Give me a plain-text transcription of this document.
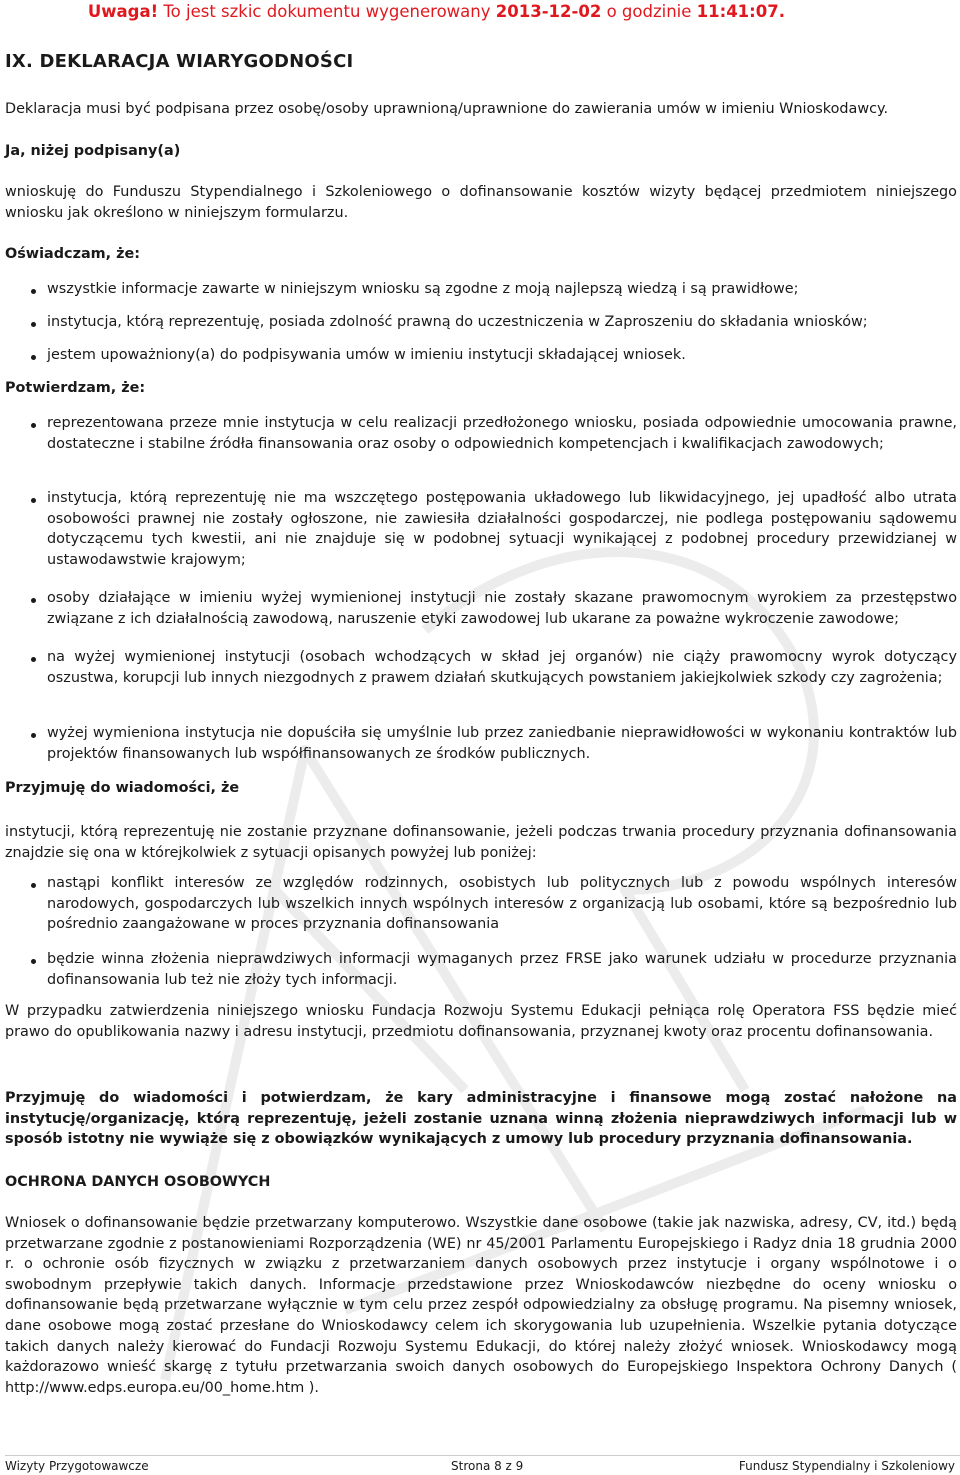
Uwaga! To jest szkic dokumentu wygenerowany 2013-12-02 o godzinie 11:41:07.
IX. DEKLARACJA WIARYGODNOŚCI
Deklaracja musi być podpisana przez osobę/osoby uprawnioną/uprawnione do zawierania umów w imieniu Wnioskodawcy.
Ja, niżej podpisany(a)
wnioskuję do Funduszu Stypendialnego i Szkoleniowego o dofinansowanie kosztów wizyty będącej przedmiotem niniejszego wniosku jak określono w niniejszym formularzu.
Oświadczam, że:
wszystkie informacje zawarte w niniejszym wniosku są zgodne z moją najlepszą wiedzą i są prawidłowe;
instytucja, którą reprezentuję, posiada zdolność prawną do uczestniczenia w Zaproszeniu do składania wniosków;
jestem upoważniony(a) do podpisywania umów w imieniu instytucji składającej wniosek.
Potwierdzam, że:
reprezentowana przeze mnie instytucja w celu realizacji przedłożonego wniosku, posiada odpowiednie umocowania prawne, dostateczne i stabilne źródła finansowania oraz osoby o odpowiednich kompetencjach i kwalifikacjach zawodowych;
instytucja, którą reprezentuję nie ma wszczętego postępowania układowego lub likwidacyjnego, jej upadłość albo utrata osobowości prawnej nie zostały ogłoszone, nie zawiesiła działalności gospodarczej, nie podlega postępowaniu sądowemu dotyczącemu tych kwestii, ani nie znajduje się w podobnej sytuacji wynikającej z podobnej procedury przewidzianej w ustawodawstwie krajowym;
osoby działające w imieniu wyżej wymienionej instytucji nie zostały skazane prawomocnym wyrokiem za przestępstwo związane z ich działalnością zawodową, naruszenie etyki zawodowej lub ukarane za poważne wykroczenie zawodowe;
na wyżej wymienionej instytucji (osobach wchodzących w skład jej organów) nie ciąży prawomocny wyrok dotyczący oszustwa, korupcji lub innych niezgodnych z prawem działań skutkujących powstaniem jakiejkolwiek szkody czy zagrożenia;
wyżej wymieniona instytucja nie dopuściła się umyślnie lub przez zaniedbanie nieprawidłowości w wykonaniu kontraktów lub projektów finansowanych lub współfinansowanych ze środków publicznych.
Przyjmuję do wiadomości, że
instytucji, którą reprezentuję nie zostanie przyznane dofinansowanie, jeżeli podczas trwania procedury przyznania dofinansowania znajdzie się ona w którejkolwiek z sytuacji opisanych powyżej lub poniżej:
nastąpi konflikt interesów ze względów rodzinnych, osobistych lub politycznych lub z powodu wspólnych interesów narodowych, gospodarczych lub wszelkich innych wspólnych interesów z organizacją lub osobami, które są bezpośrednio lub pośrednio zaangażowane w proces przyznania dofinansowania
będzie winna złożenia nieprawdziwych informacji wymaganych przez FRSE jako warunek udziału w procedurze przyznania dofinansowania lub też nie złoży tych informacji.
W przypadku zatwierdzenia niniejszego wniosku Fundacja Rozwoju Systemu Edukacji pełniąca rolę Operatora FSS będzie mieć prawo do opublikowania nazwy i adresu instytucji, przedmiotu dofinansowania, przyznanej kwoty oraz procentu dofinansowania.
Przyjmuję do wiadomości i potwierdzam, że kary administracyjne i finansowe mogą zostać nałożone na instytucję/organizację, którą reprezentuję, jeżeli zostanie uznana winną złożenia nieprawdziwych informacji lub w sposób istotny nie wywiąże się z obowiązków wynikających z umowy lub procedury przyznania dofinansowania.
OCHRONA DANYCH OSOBOWYCH
Wniosek o dofinansowanie będzie przetwarzany komputerowo. Wszystkie dane osobowe (takie jak nazwiska, adresy, CV, itd.) będą przetwarzane zgodnie z postanowieniami Rozporządzenia (WE) nr 45/2001 Parlamentu Europejskiego i Radyz dnia 18 grudnia 2000 r. o ochronie osób fizycznych w związku z przetwarzaniem danych osobowych przez instytucje i organy wspólnotowe i o swobodnym przepływie takich danych. Informacje przedstawione przez Wnioskodawców niezbędne do oceny wniosku o dofinansowanie będą przetwarzane wyłącznie w tym celu przez zespół odpowiedzialny za obsługę programu. Na pisemny wniosek, dane osobowe mogą zostać przesłane do Wnioskodawcy celem ich skorygowania lub uzupełnienia. Wszelkie pytania dotyczące takich danych należy kierować do Fundacji Rozwoju Systemu Edukacji, do której należy złożyć wniosek. Wnioskodawcy mogą każdorazowo wnieść skargę z tytułu przetwarzania swoich danych osobowych do Europejskiego Inspektora Ochrony Danych ( http://www.edps.europa.eu/00_home.htm ).
Wizyty Przygotowawcze	Strona 8 z 9	Fundusz Stypendialny i Szkoleniowy
